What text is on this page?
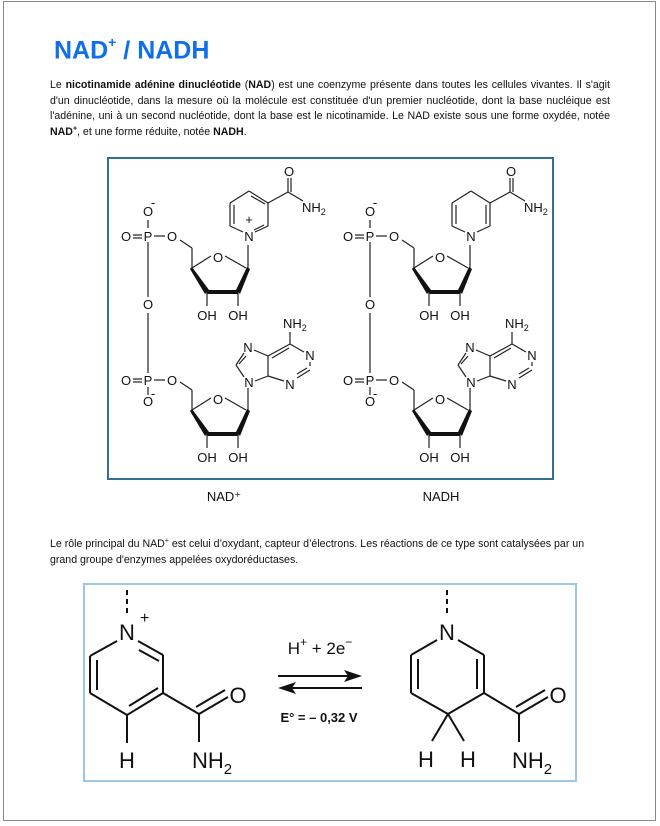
NAD+ / NADH

Le nicotinamide adénine dinucléotide (NAD) est une coenzyme présente dans toutes les cellules vivantes. Il s'agit d'un dinucléotide, dans la mesure où la molécule est constituée d'un premier nucléotide, dont la base nucléique est l'adénine, uni à un second nucléotide, dont la base est le nicotinamide. Le NAD existe sous une forme oxydée, notée NAD+, et une forme réduite, notée NADH.

O P O
O
-
O
O P O
O
-
O
OH OH
N
+
O
$NH_2$
O
OH OH
N
N
N
N
$NH_2$
O P O
O
-
O
O P O
O
-
O
OH OH
N
O
$NH_2$
O
OH OH
N
N
N
N
$NH_2$
NAD⁺	NADH

Le rôle principal du NAD+ est celui d’oxydant, capteur d’électrons. Les réactions de ce type sont catalysées par un grand groupe d'enzymes appelées oxydoréductases.

N
+
H
O
$NH_2$
H+ + 2e−
E° = – 0,32 V
N
H H
O
$NH_2$
